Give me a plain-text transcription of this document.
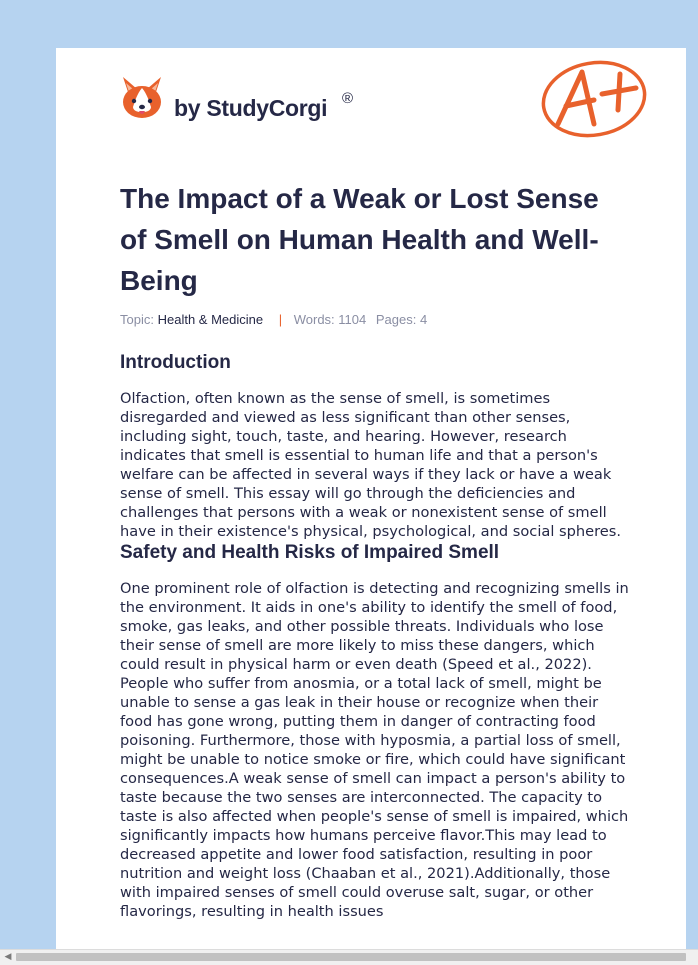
by StudyCorgi ®
The Impact of a Weak or Lost Sense of Smell on Human Health and Well-Being
Topic: Health & Medicine | Words: 1104 Pages: 4
Introduction

Olfaction, often known as the sense of smell, is sometimes disregarded and viewed as less significant than other senses, including sight, touch, taste, and hearing. However, research indicates that smell is essential to human life and that a person's welfare can be affected in several ways if they lack or have a weak sense of smell. This essay will go through the deficiencies and challenges that persons with a weak or nonexistent sense of smell have in their existence's physical, psychological, and social spheres.

Safety and Health Risks of Impaired Smell

One prominent role of olfaction is detecting and recognizing smells in the environment. It aids in one's ability to identify the smell of food, smoke, gas leaks, and other possible threats. Individuals who lose their sense of smell are more likely to miss these dangers, which could result in physical harm or even death (Speed et al., 2022). People who suffer from anosmia, or a total lack of smell, might be unable to sense a gas leak in their house or recognize when their food has gone wrong, putting them in danger of contracting food poisoning. Furthermore, those with hyposmia, a partial loss of smell, might be unable to notice smoke or fire, which could have significant consequences.A weak sense of smell can impact a person's ability to taste because the two senses are interconnected. The capacity to taste is also affected when people's sense of smell is impaired, which significantly impacts how humans perceive flavor.This may lead to decreased appetite and lower food satisfaction, resulting in poor nutrition and weight loss (Chaaban et al., 2021).Additionally, those with impaired senses of smell could overuse salt, sugar, or other flavorings, resulting in health issues

◀
